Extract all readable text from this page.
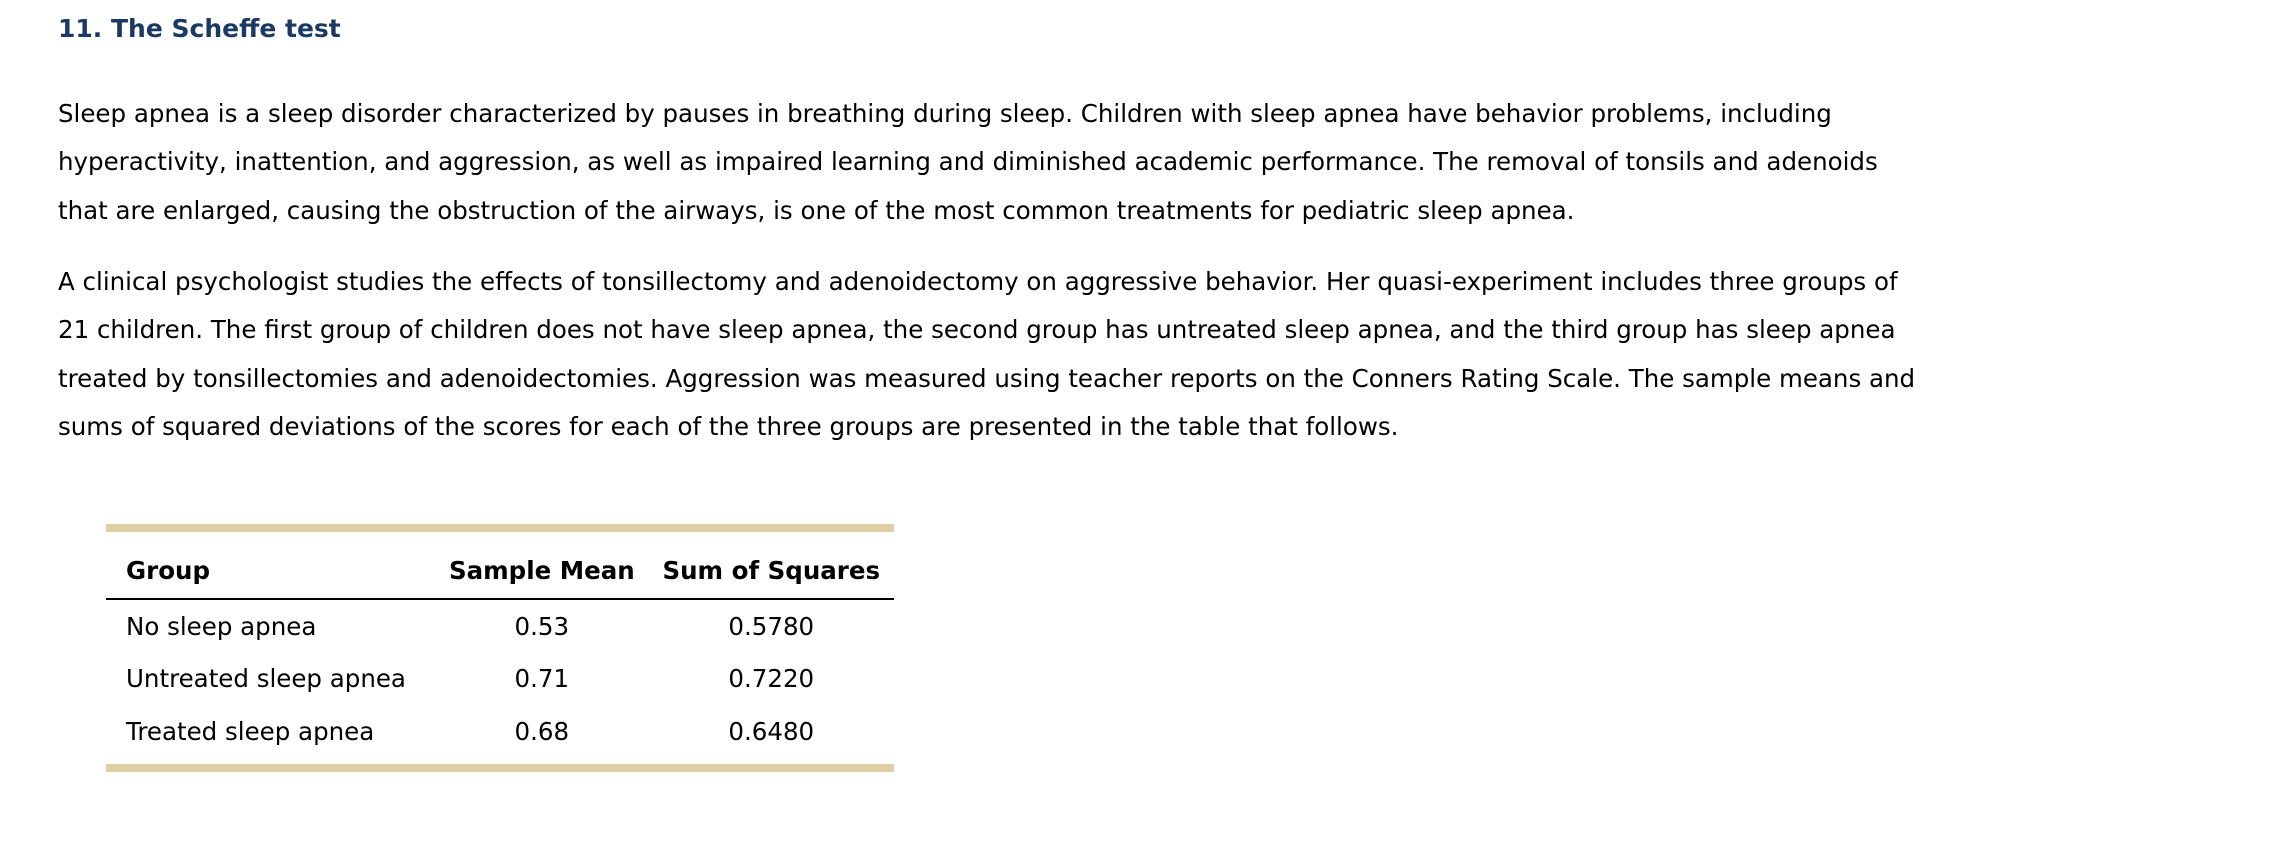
11. The Scheffe test

Sleep apnea is a sleep disorder characterized by pauses in breathing during sleep. Children with sleep apnea have behavior problems, including
hyperactivity, inattention, and aggression, as well as impaired learning and diminished academic performance. The removal of tonsils and adenoids
that are enlarged, causing the obstruction of the airways, is one of the most common treatments for pediatric sleep apnea.

A clinical psychologist studies the effects of tonsillectomy and adenoidectomy on aggressive behavior. Her quasi-experiment includes three groups of
21 children. The first group of children does not have sleep apnea, the second group has untreated sleep apnea, and the third group has sleep apnea
treated by tonsillectomies and adenoidectomies. Aggression was measured using teacher reports on the Conners Rating Scale. The sample means and
sums of squared deviations of the scores for each of the three groups are presented in the table that follows.

Group	Sample Mean	Sum of Squares
No sleep apnea	0.53	0.5780
Untreated sleep apnea	0.71	0.7220
Treated sleep apnea	0.68	0.6480
